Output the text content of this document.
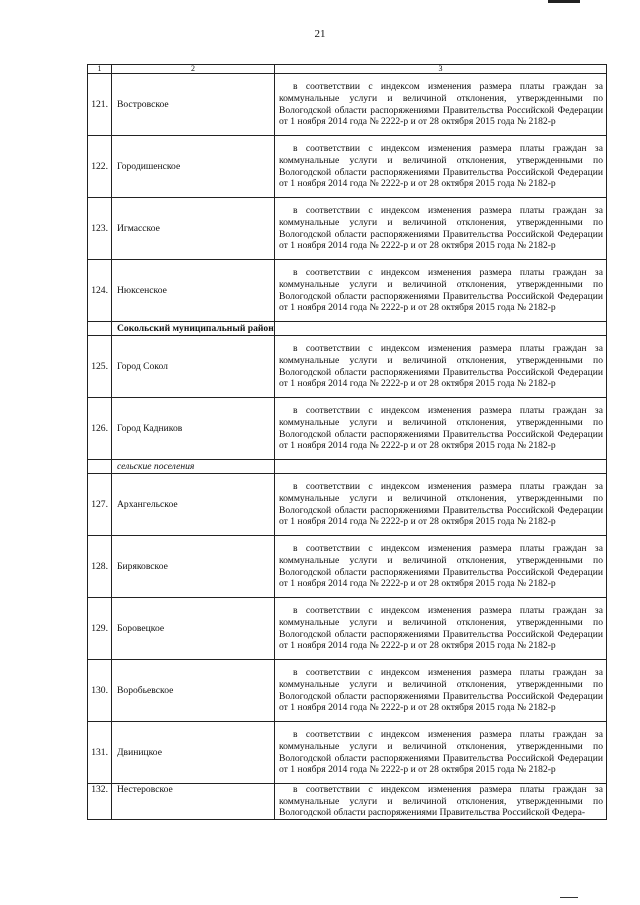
21
1	2	3
121.	Востровское	в соответствии с индексом изменения размера платы граждан за коммунальные услуги и величиной отклонения, утвержденными по Вологодской области распоряжениями Правительства Российской Федерации от 1 ноября 2014 года № 2222-р и от 28 октября 2015 года № 2182-р

122.	Городишенское	в соответствии с индексом изменения размера платы граждан за коммунальные услуги и величиной отклонения, утвержденными по Вологодской области распоряжениями Правительства Российской Федерации от 1 ноября 2014 года № 2222-р и от 28 октября 2015 года № 2182-р

123.	Игмасское	в соответствии с индексом изменения размера платы граждан за коммунальные услуги и величиной отклонения, утвержденными по Вологодской области распоряжениями Правительства Российской Федерации от 1 ноября 2014 года № 2222-р и от 28 октября 2015 года № 2182-р

124.	Нюксенское	в соответствии с индексом изменения размера платы граждан за коммунальные услуги и величиной отклонения, утвержденными по Вологодской области распоряжениями Правительства Российской Федерации от 1 ноября 2014 года № 2222-р и от 28 октября 2015 года № 2182-р

	Сокольский муниципальный район	
125.	Город Сокол	в соответствии с индексом изменения размера платы граждан за коммунальные услуги и величиной отклонения, утвержденными по Вологодской области распоряжениями Правительства Российской Федерации от 1 ноября 2014 года № 2222-р и от 28 октября 2015 года № 2182-р

126.	Город Кадников	в соответствии с индексом изменения размера платы граждан за коммунальные услуги и величиной отклонения, утвержденными по Вологодской области распоряжениями Правительства Российской Федерации от 1 ноября 2014 года № 2222-р и от 28 октября 2015 года № 2182-р

	сельские поселения	
127.	Архангельское	в соответствии с индексом изменения размера платы граждан за коммунальные услуги и величиной отклонения, утвержденными по Вологодской области распоряжениями Правительства Российской Федерации от 1 ноября 2014 года № 2222-р и от 28 октября 2015 года № 2182-р

128.	Биряковское	в соответствии с индексом изменения размера платы граждан за коммунальные услуги и величиной отклонения, утвержденными по Вологодской области распоряжениями Правительства Российской Федерации от 1 ноября 2014 года № 2222-р и от 28 октября 2015 года № 2182-р

129.	Боровецкое	в соответствии с индексом изменения размера платы граждан за коммунальные услуги и величиной отклонения, утвержденными по Вологодской области распоряжениями Правительства Российской Федерации от 1 ноября 2014 года № 2222-р и от 28 октября 2015 года № 2182-р

130.	Воробьевское	в соответствии с индексом изменения размера платы граждан за коммунальные услуги и величиной отклонения, утвержденными по Вологодской области распоряжениями Правительства Российской Федерации от 1 ноября 2014 года № 2222-р и от 28 октября 2015 года № 2182-р

131.	Двиницкое	в соответствии с индексом изменения размера платы граждан за коммунальные услуги и величиной отклонения, утвержденными по Вологодской области распоряжениями Правительства Российской Федерации от 1 ноября 2014 года № 2222-р и от 28 октября 2015 года № 2182-р

132.	Нестеровское	в соответствии с индексом изменения размера платы граждан за коммунальные услуги и величиной отклонения, утвержденными по Вологодской области распоряжениями Правительства Российской Федера-
